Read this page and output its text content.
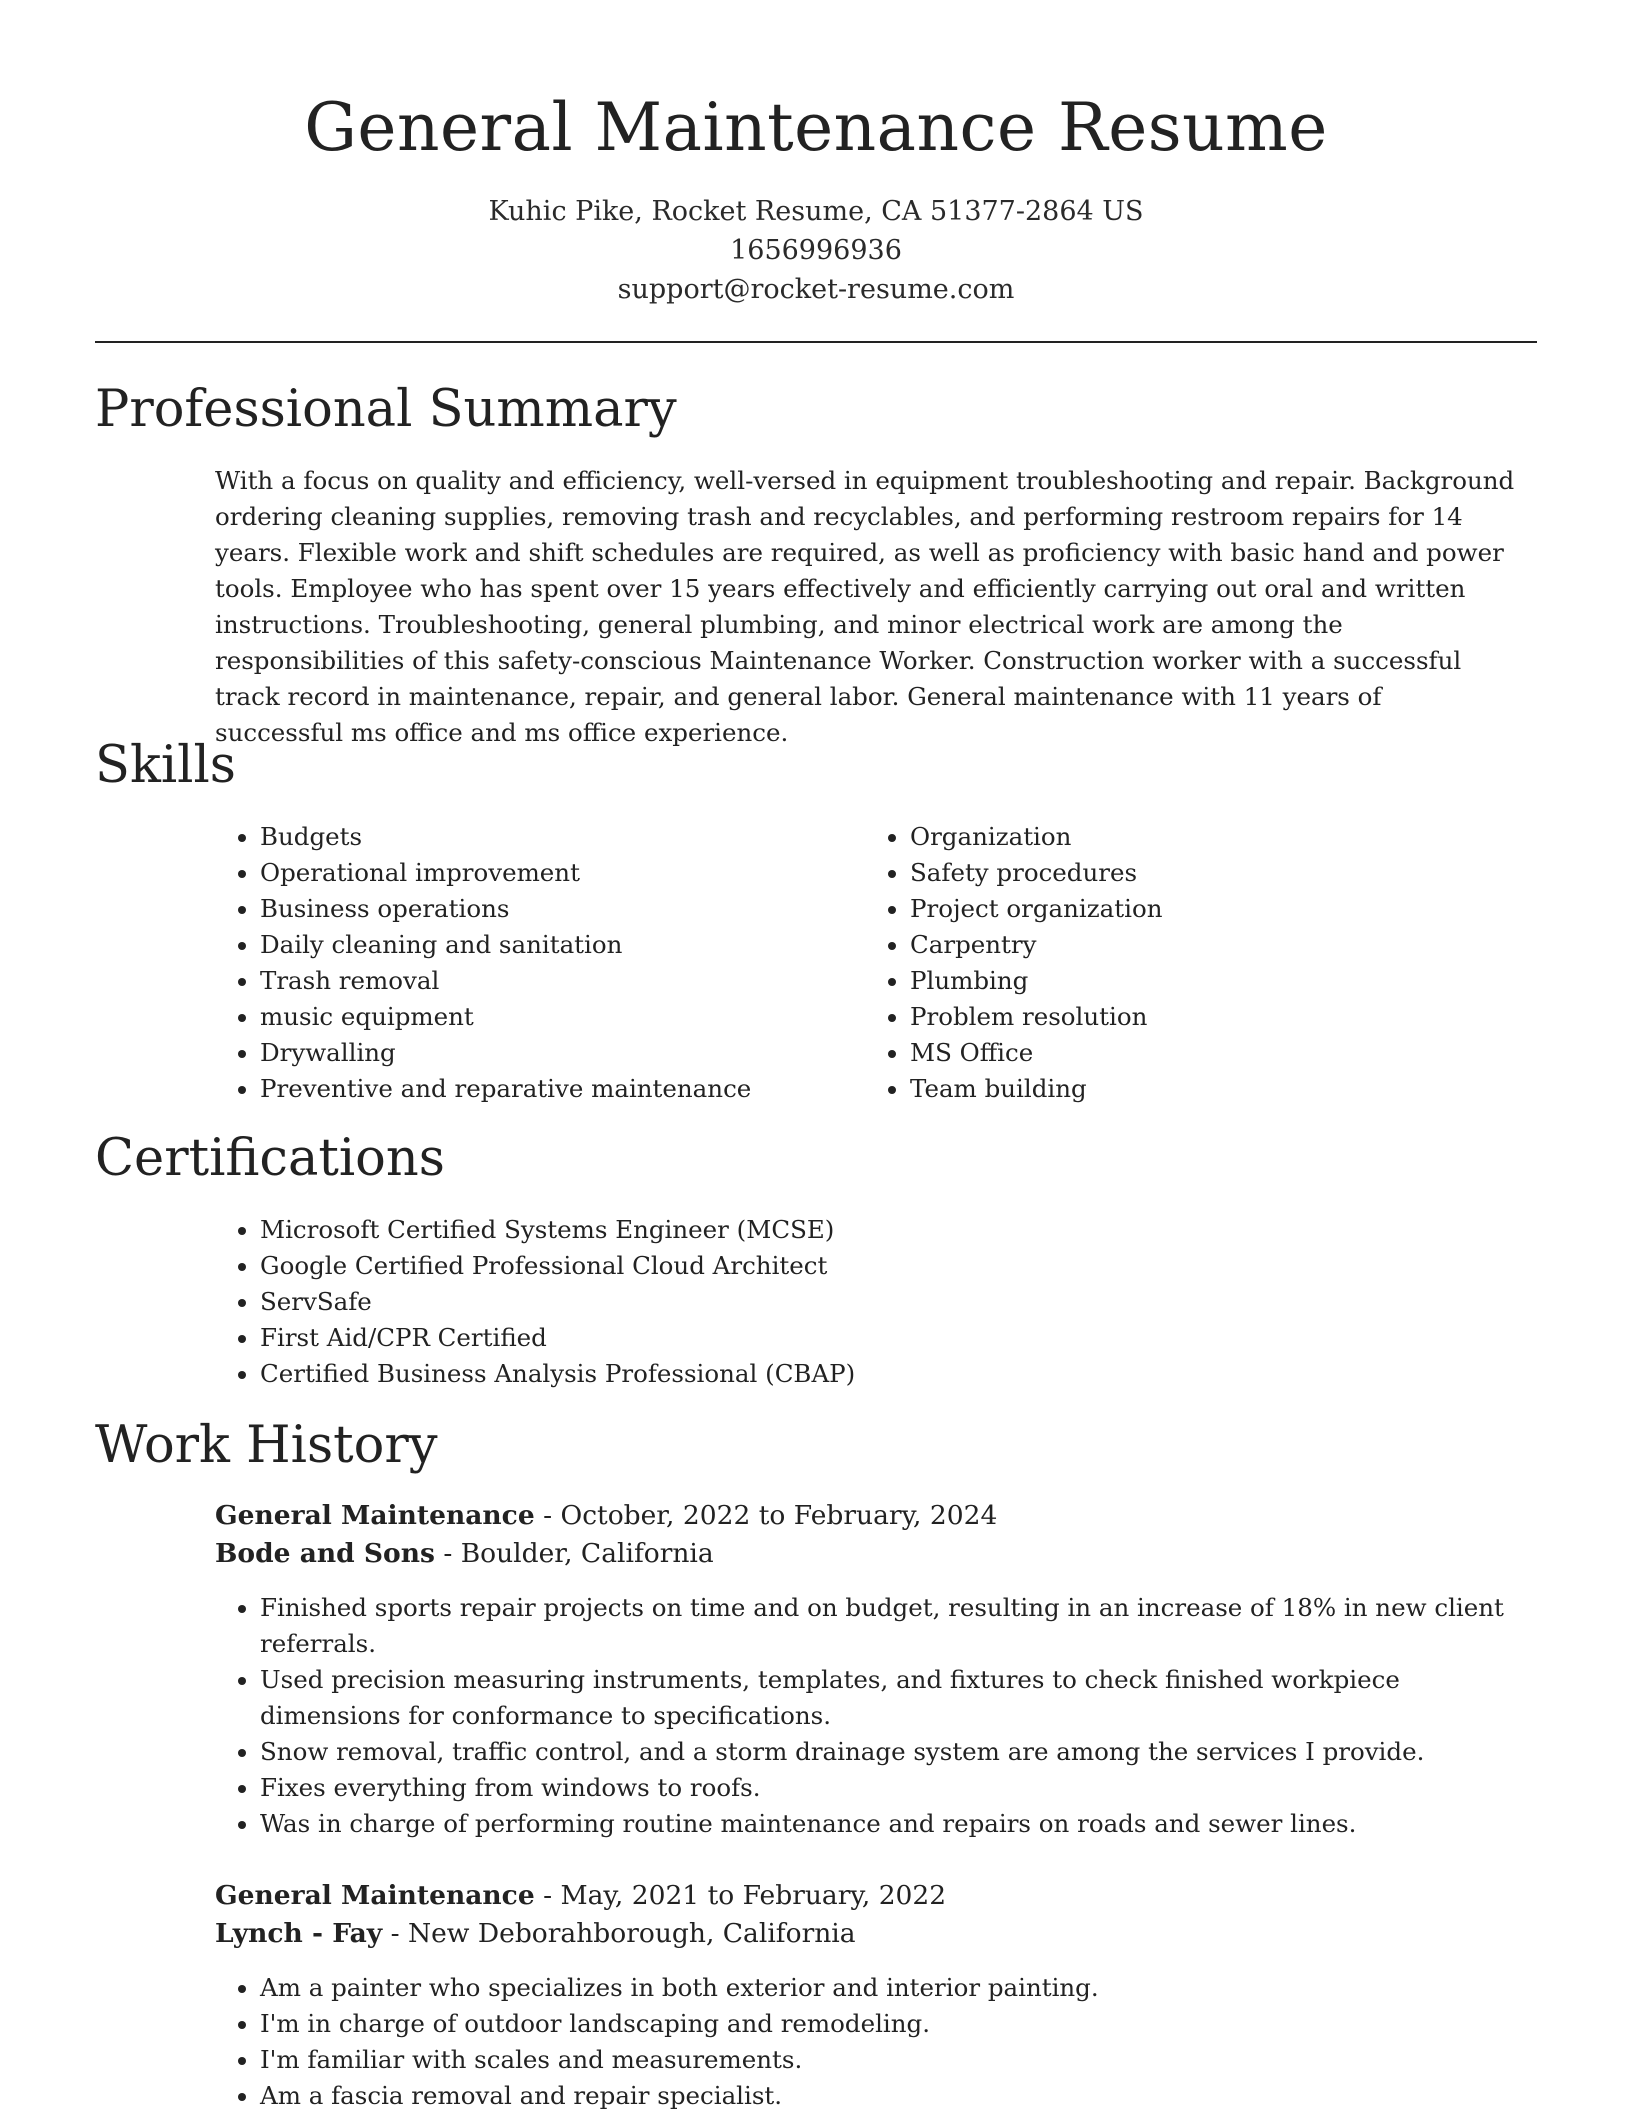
General Maintenance Resume
Kuhic Pike, Rocket Resume, CA 51377-2864 US
1656996936
support@rocket-resume.com
Professional Summary

With a focus on quality and efficiency, well-versed in equipment troubleshooting and repair. Background ordering cleaning supplies, removing trash and recyclables, and performing restroom repairs for 14 years. Flexible work and shift schedules are required, as well as proficiency with basic hand and power tools. Employee who has spent over 15 years effectively and efficiently carrying out oral and written instructions. Troubleshooting, general plumbing, and minor electrical work are among the responsibilities of this safety-conscious Maintenance Worker. Construction worker with a successful track record in maintenance, repair, and general labor. General maintenance with 11 years of successful ms office and ms office experience.

Skills
• Budgets
• Operational improvement
• Business operations
• Daily cleaning and sanitation
• Trash removal
• music equipment
• Drywalling
• Preventive and reparative maintenance
• Organization
• Safety procedures
• Project organization
• Carpentry
• Plumbing
• Problem resolution
• MS Office
• Team building
Certifications
• Microsoft Certified Systems Engineer (MCSE)
• Google Certified Professional Cloud Architect
• ServSafe
• First Aid/CPR Certified
• Certified Business Analysis Professional (CBAP)
Work History
General Maintenance - October, 2022 to February, 2024
Bode and Sons - Boulder, California
• Finished sports repair projects on time and on budget, resulting in an increase of 18% in new client referrals.
• Used precision measuring instruments, templates, and fixtures to check finished workpiece dimensions for conformance to specifications.
• Snow removal, traffic control, and a storm drainage system are among the services I provide.
• Fixes everything from windows to roofs.
• Was in charge of performing routine maintenance and repairs on roads and sewer lines.
General Maintenance - May, 2021 to February, 2022
Lynch - Fay - New Deborahborough, California
• Am a painter who specializes in both exterior and interior painting.
• I'm in charge of outdoor landscaping and remodeling.
• I'm familiar with scales and measurements.
• Am a fascia removal and repair specialist.
